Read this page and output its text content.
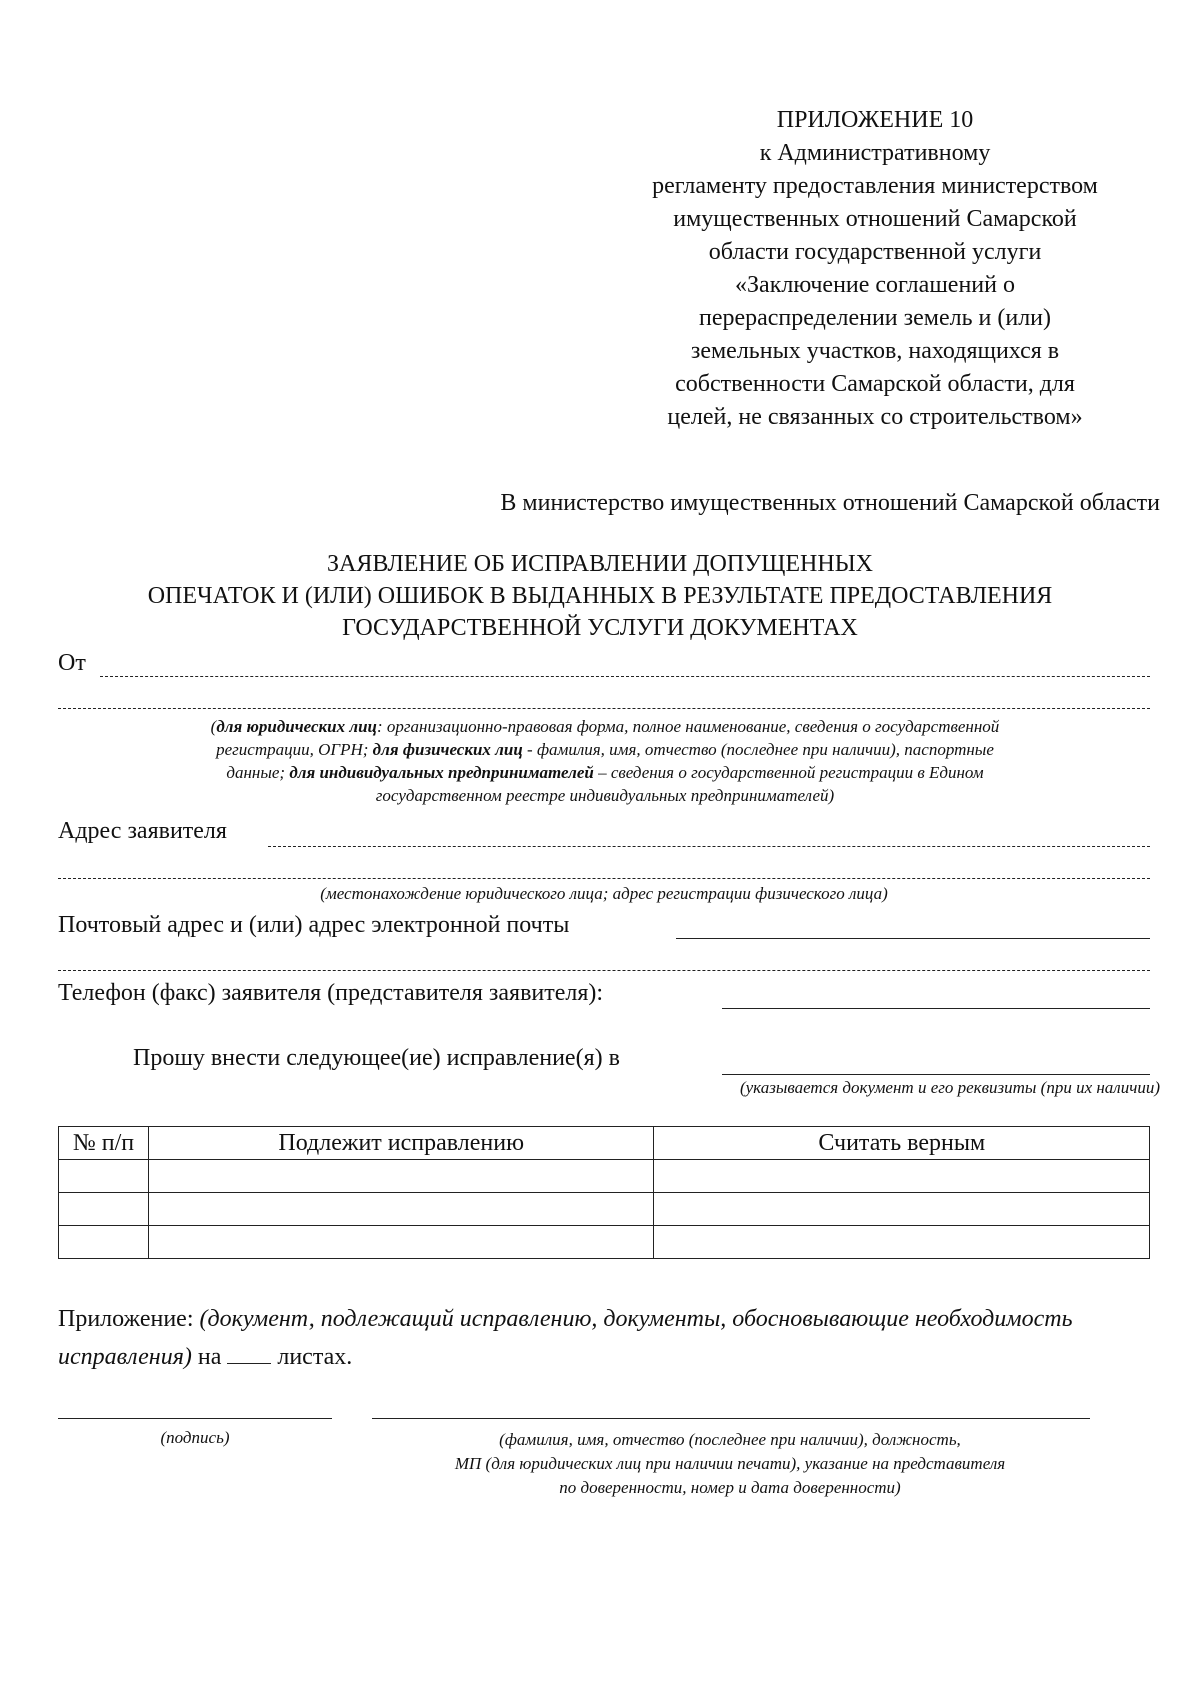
ПРИЛОЖЕНИЕ 10
к Административному
регламенту предоставления министерством
имущественных отношений Самарской
области государственной услуги
«Заключение соглашений о
перераспределении земель и (или)
земельных участков, находящихся в
собственности Самарской области, для
целей, не связанных со строительством»
В министерство имущественных отношений Самарской области
ЗАЯВЛЕНИЕ ОБ ИСПРАВЛЕНИИ ДОПУЩЕННЫХ
ОПЕЧАТОК И (ИЛИ) ОШИБОК В ВЫДАННЫХ В РЕЗУЛЬТАТЕ ПРЕДОСТАВЛЕНИЯ
ГОСУДАРСТВЕННОЙ УСЛУГИ ДОКУМЕНТАХ
От
(для юридических лиц: организационно-правовая форма, полное наименование, сведения о государственной
регистрации, ОГРН; для физических лиц - фамилия, имя, отчество (последнее при наличии), паспортные
данные; для индивидуальных предпринимателей – сведения о государственной регистрации в Едином
государственном реестре индивидуальных предпринимателей)
Адрес заявителя
(местонахождение юридического лица; адрес регистрации физического лица)
Почтовый адрес и (или) адрес электронной почты
Телефон (факс) заявителя (представителя заявителя):
Прошу внести следующее(ие) исправление(я) в
(указывается документ и его реквизиты (при их наличии)
№ п/п	Подлежит исправлению	Считать верным

Приложение: (документ, подлежащий исправлению, документы, обосновывающие необходимость исправления) на  листах.
(подпись)	(фамилия, имя, отчество (последнее при наличии), должность,
МП (для юридических лиц при наличии печати), указание на представителя
по доверенности, номер и дата доверенности)
